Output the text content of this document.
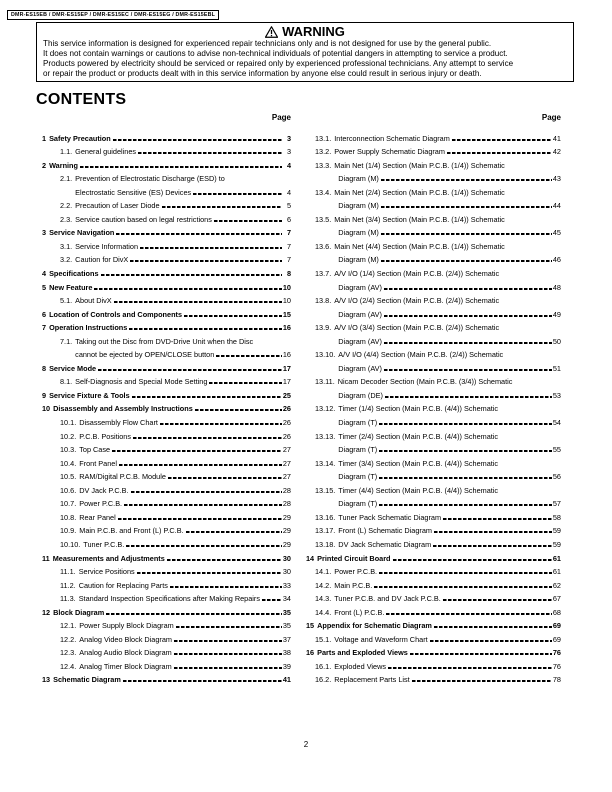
DMR-ES15EB / DMR-ES15EP / DMR-ES15EC / DMR-ES15EG / DMR-ES15EBL
WARNING
This service information is designed for experienced repair technicians only and is not designed for use by the general public.
It does not contain warnings or cautions to advise non-technical individuals of potential dangers in attempting to service a product.
Products powered by electricity should be serviced or repaired only by experienced professional technicians. Any attempt to service
or repair the product or products dealt with in this service information by anyone else could result in serious injury or death.
CONTENTS
Page
1 Safety Precaution	3
1.1. General guidelines	3
2 Warning	4
2.1. Prevention of Electrostatic Discharge (ESD) to
Electrostatic Sensitive (ES) Devices	4
2.2. Precaution of Laser Diode	5
2.3. Service caution based on legal restrictions	6
3 Service Navigation	7
3.1. Service Information	7
3.2. Caution for DivX	7
4 Specifications	8
5 New Feature	10
5.1. About DivX	10
6 Location of Controls and Components	15
7 Operation Instructions	16
7.1. Taking out the Disc from DVD-Drive Unit when the Disc
cannot be ejected by OPEN/CLOSE button	16
8 Service Mode	17
8.1. Self-Diagnosis and Special Mode Setting	17
9 Service Fixture & Tools	25
10 Disassembly and Assembly Instructions	26
10.1. Disassembly Flow Chart	26
10.2. P.C.B. Positions	26
10.3. Top Case	27
10.4. Front Panel	27
10.5. RAM/Digital P.C.B. Module	27
10.6. DV Jack P.C.B.	28
10.7. Power P.C.B.	28
10.8. Rear Panel	29
10.9. Main P.C.B. and Front (L) P.C.B.	29
10.10. Tuner P.C.B.	29
11 Measurements and Adjustments	30
11.1. Service Positions	30
11.2. Caution for Replacing Parts	33
11.3. Standard Inspection Specifications after Making Repairs	34
12 Block Diagram	35
12.1. Power Supply Block Diagram	35
12.2. Analog Video Block Diagram	37
12.3. Analog Audio Block Diagram	38
12.4. Analog Timer Block Diagram	39
13 Schematic Diagram	41
Page
13.1. Interconnection Schematic Diagram	41
13.2. Power Supply Schematic Diagram	42
13.3. Main Net (1/4) Section (Main P.C.B. (1/4)) Schematic
Diagram (M)	43
13.4. Main Net (2/4) Section (Main P.C.B. (1/4)) Schematic
Diagram (M)	44
13.5. Main Net (3/4) Section (Main P.C.B. (1/4)) Schematic
Diagram (M)	45
13.6. Main Net (4/4) Section (Main P.C.B. (1/4)) Schematic
Diagram (M)	46
13.7. A/V I/O (1/4) Section (Main P.C.B. (2/4)) Schematic
Diagram (AV)	48
13.8. A/V I/O (2/4) Section (Main P.C.B. (2/4)) Schematic
Diagram (AV)	49
13.9. A/V I/O (3/4) Section (Main P.C.B. (2/4)) Schematic
Diagram (AV)	50
13.10. A/V I/O (4/4) Section (Main P.C.B. (2/4)) Schematic
Diagram (AV)	51
13.11. Nicam Decoder Section (Main P.C.B. (3/4)) Schematic
Diagram (DE)	53
13.12. Timer (1/4) Section (Main P.C.B. (4/4)) Schematic
Diagram (T)	54
13.13. Timer (2/4) Section (Main P.C.B. (4/4)) Schematic
Diagram (T)	55
13.14. Timer (3/4) Section (Main P.C.B. (4/4)) Schematic
Diagram (T)	56
13.15. Timer (4/4) Section (Main P.C.B. (4/4)) Schematic
Diagram (T)	57
13.16. Tuner Pack Schematic Diagram	58
13.17. Front (L) Schematic Diagram	59
13.18. DV Jack Schematic Diagram	59
14 Printed Circuit Board	61
14.1. Power P.C.B.	61
14.2. Main P.C.B.	62
14.3. Tuner P.C.B. and DV Jack P.C.B.	67
14.4. Front (L) P.C.B.	68
15 Appendix for Schematic Diagram	69
15.1. Voltage and Waveform Chart	69
16 Parts and Exploded Views	76
16.1. Exploded Views	76
16.2. Replacement Parts List	78
2
